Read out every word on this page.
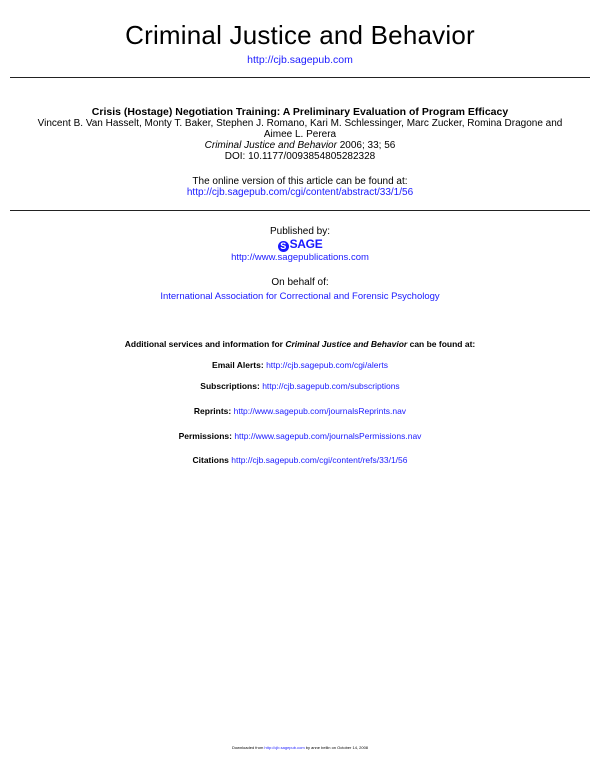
Criminal Justice and Behavior
http://cjb.sagepub.com
Crisis (Hostage) Negotiation Training: A Preliminary Evaluation of Program Efficacy
Vincent B. Van Hasselt, Monty T. Baker, Stephen J. Romano, Kari M. Schlessinger, Marc Zucker, Romina Dragone and
Aimee L. Perera
Criminal Justice and Behavior 2006; 33; 56
DOI: 10.1177/0093854805282328
The online version of this article can be found at:
http://cjb.sagepub.com/cgi/content/abstract/33/1/56
Published by:
S SAGE
http://www.sagepublications.com
On behalf of:
International Association for Correctional and Forensic Psychology
Additional services and information for Criminal Justice and Behavior can be found at:
Email Alerts: http://cjb.sagepub.com/cgi/alerts
Subscriptions: http://cjb.sagepub.com/subscriptions
Reprints: http://www.sagepub.com/journalsReprints.nav
Permissions: http://www.sagepub.com/journalsPermissions.nav
Citations http://cjb.sagepub.com/cgi/content/refs/33/1/56
Downloaded from http://cjb.sagepub.com by anne bellin on October 14, 2008
